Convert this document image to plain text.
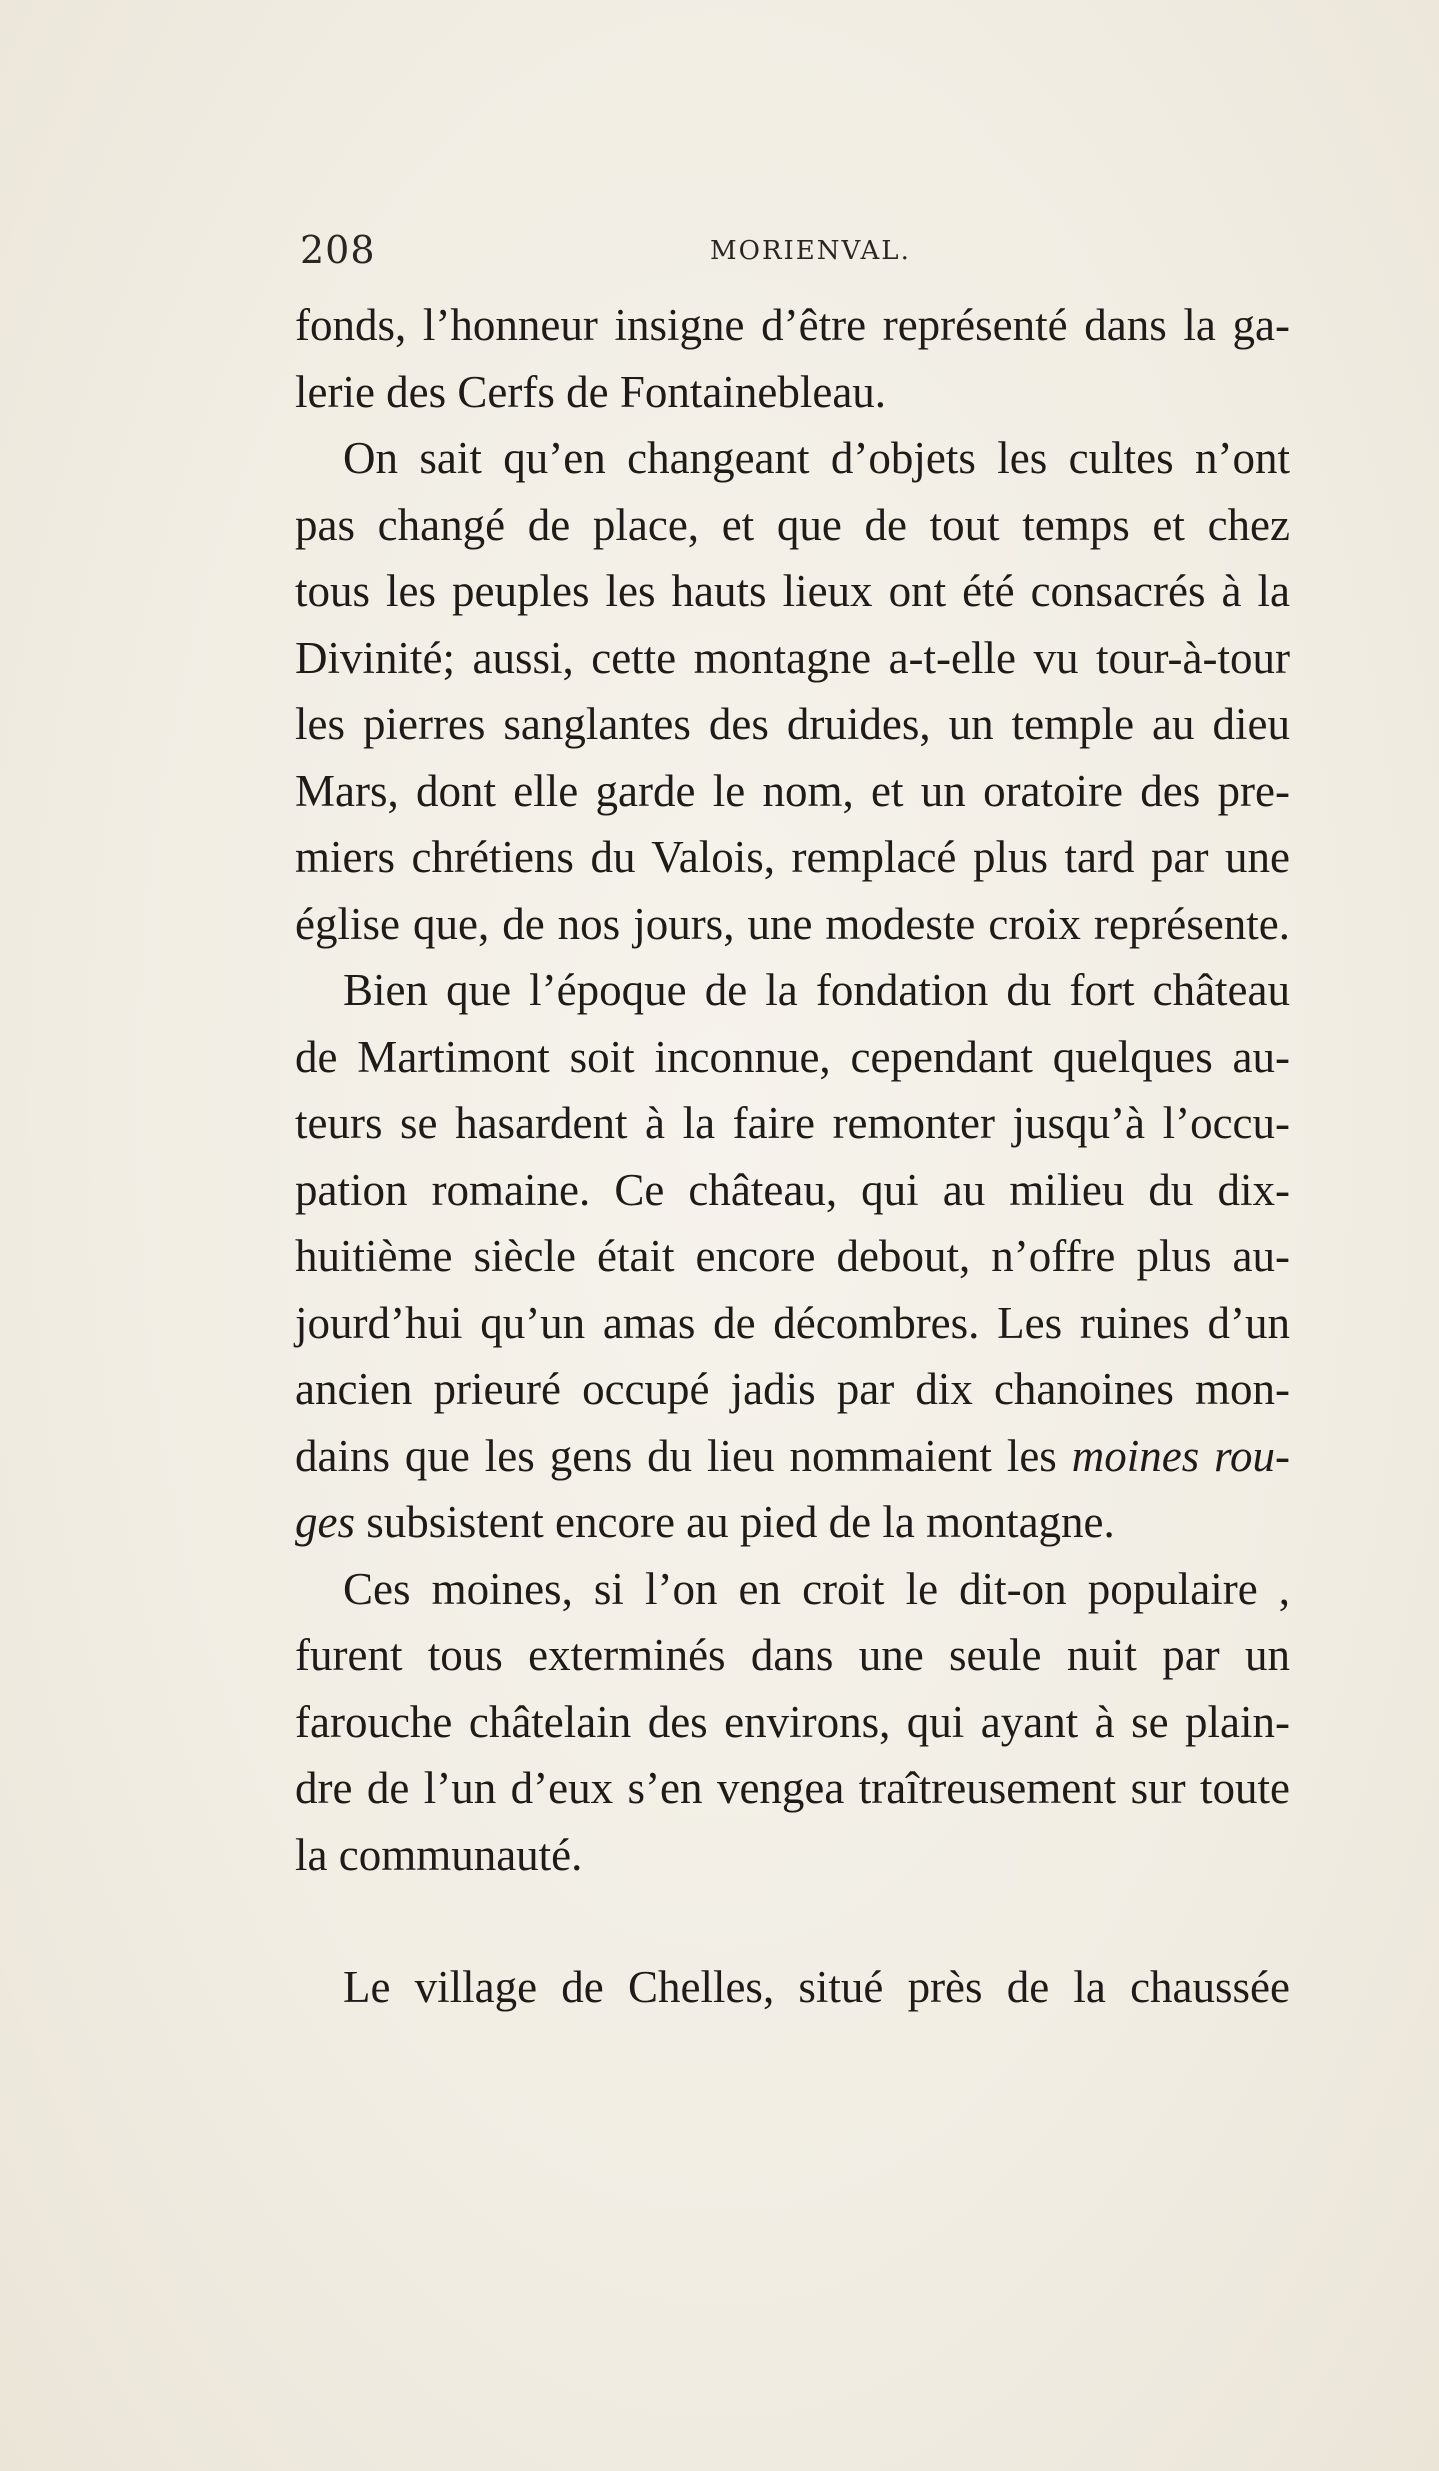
208	MORIENVAL.
fonds, l’honneur insigne d’être représenté dans la ga-
lerie des Cerfs de Fontainebleau.
On sait qu’en changeant d’objets les cultes n’ont
pas changé de place, et que de tout temps et chez
tous les peuples les hauts lieux ont été consacrés à la
Divinité; aussi, cette montagne a-t-elle vu tour-à-tour
les pierres sanglantes des druides, un temple au dieu
Mars, dont elle garde le nom, et un oratoire des pre-
miers chrétiens du Valois, remplacé plus tard par une
église que, de nos jours, une modeste croix représente.
Bien que l’époque de la fondation du fort château
de Martimont soit inconnue, cependant quelques au-
teurs se hasardent à la faire remonter jusqu’à l’occu-
pation romaine. Ce château, qui au milieu du dix-
huitième siècle était encore debout, n’offre plus au-
jourd’hui qu’un amas de décombres. Les ruines d’un
ancien prieuré occupé jadis par dix chanoines mon-
dains que les gens du lieu nommaient les moines rou-
ges subsistent encore au pied de la montagne.
Ces moines, si l’on en croit le dit-on populaire ,
furent tous exterminés dans une seule nuit par un
farouche châtelain des environs, qui ayant à se plain-
dre de l’un d’eux s’en vengea traîtreusement sur toute
la communauté.
Le village de Chelles, situé près de la chaussée
